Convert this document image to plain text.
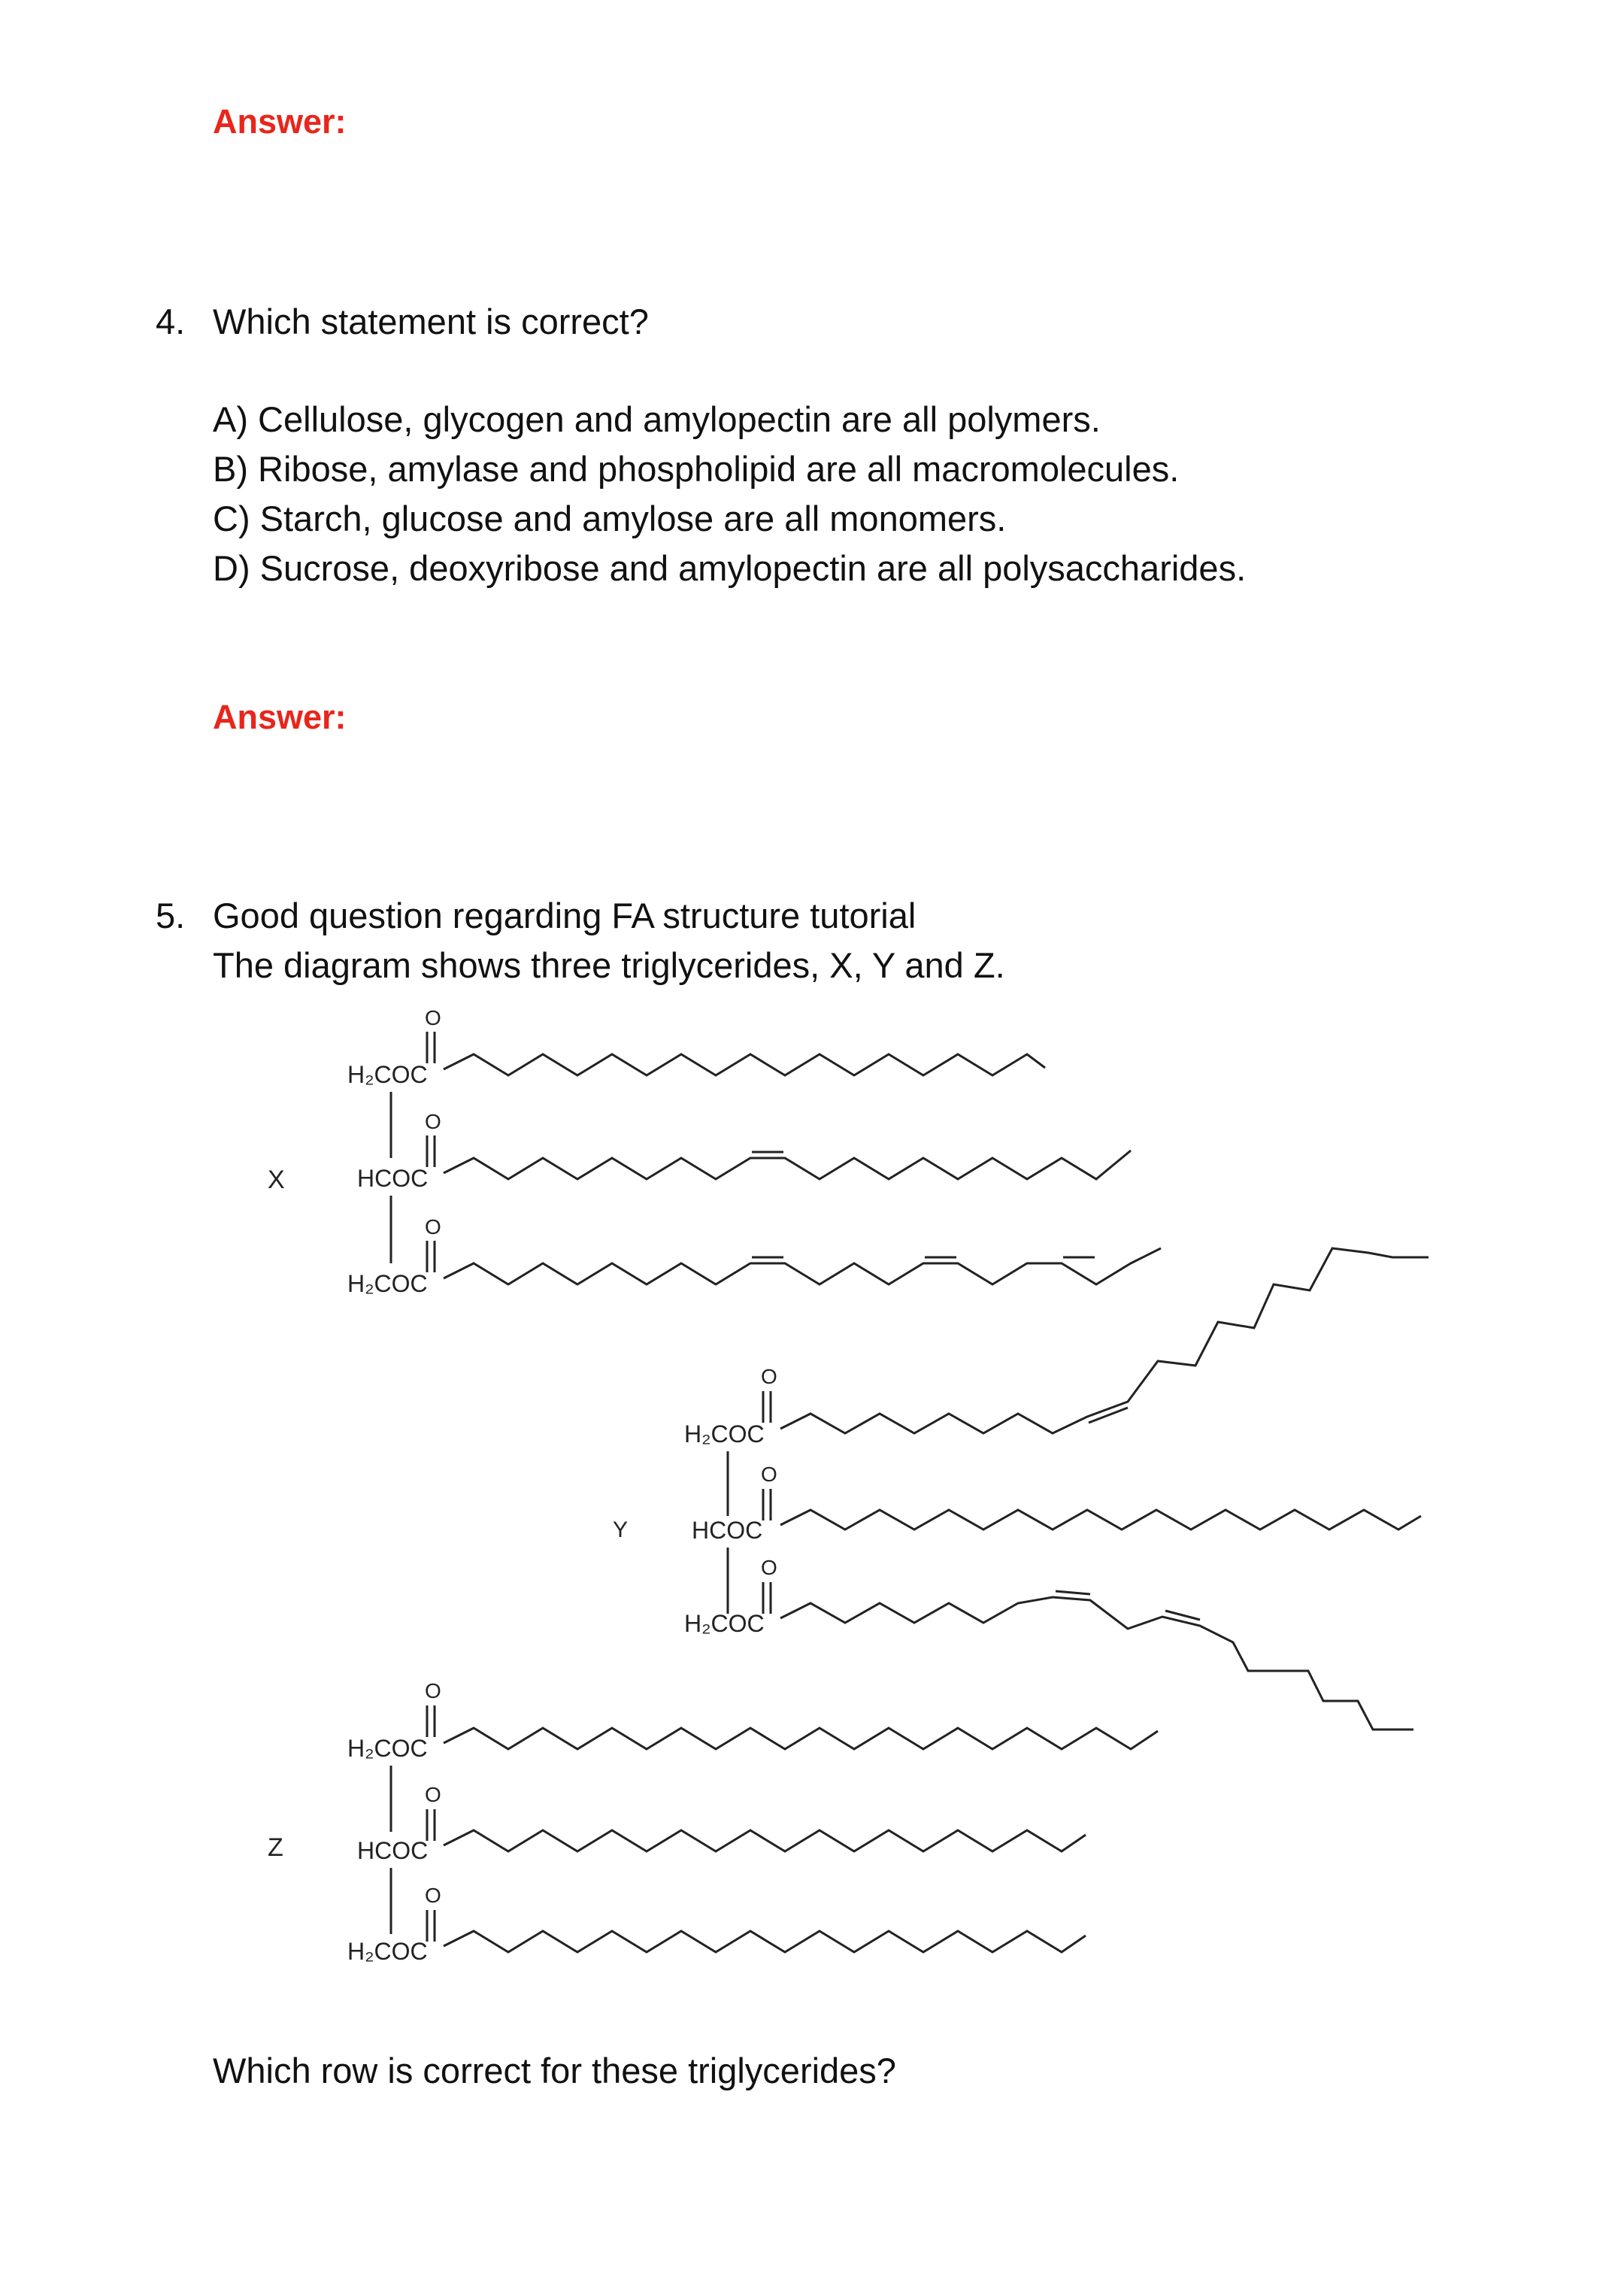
Answer:
4. Which statement is correct?
A) Cellulose, glycogen and amylopectin are all polymers.
B) Ribose, amylase and phospholipid are all macromolecules.
C) Starch, glucose and amylose are all monomers.
D) Sucrose, deoxyribose and amylopectin are all polysaccharides.
Answer:
5. Good question regarding FA structure tutorial
The diagram shows three triglycerides, X, Y and Z.
X
H₂COC
O
HCOC
O
H₂COC
O
Y
H₂COC
O
HCOC
O
H₂COC
O
Z
H₂COC
O
HCOC
O
H₂COC
O
Which row is correct for these triglycerides?
